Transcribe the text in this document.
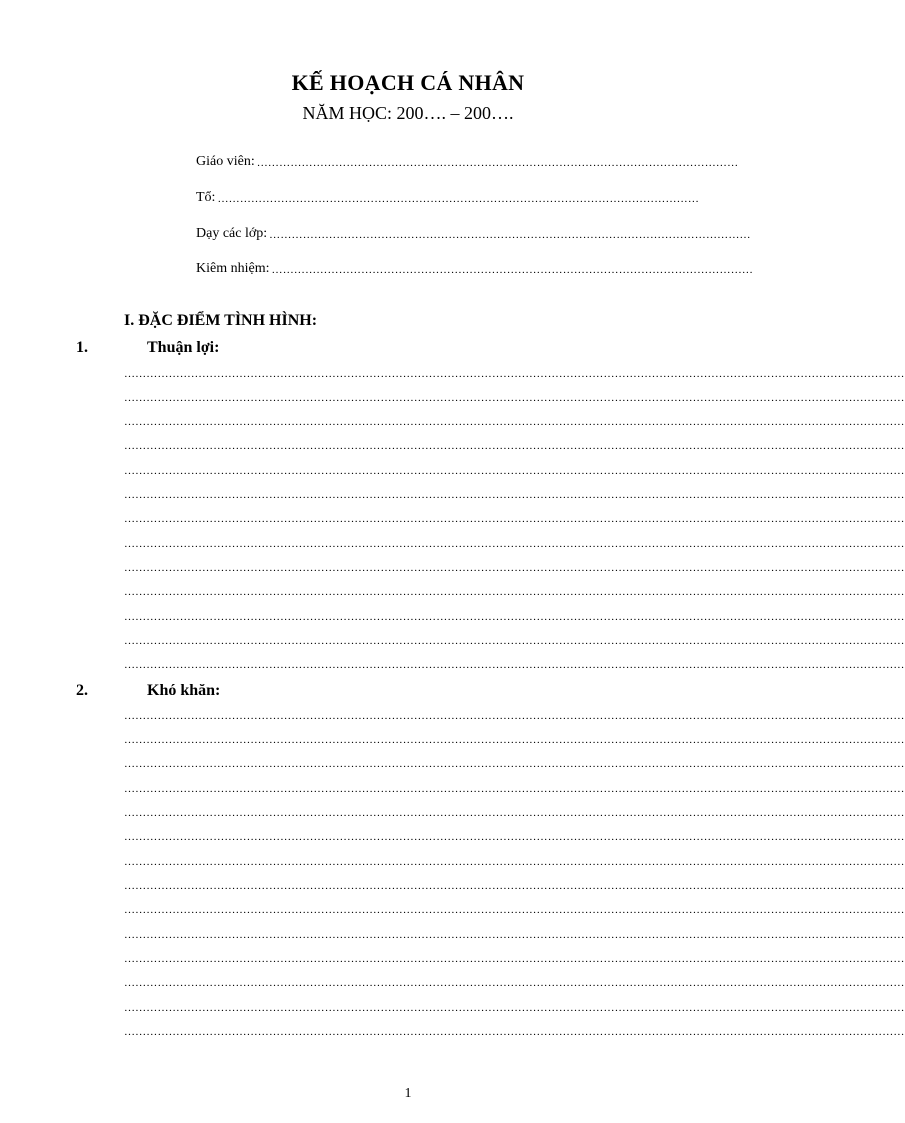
KẾ HOẠCH CÁ NHÂN
NĂM HỌC: 200…. – 200….
Giáo viên: …………………………………………………………………………………………………………………
Tổ: …………………………………………………………………………………………………………………
Dạy các lớp: …………………………………………………………………………………………………………………
Kiêm nhiệm: …………………………………………………………………………………………………………………
I. ĐẶC ĐIỂM TÌNH HÌNH:
1.	Thuận lợi:
…………………………………………………………………………………………………………………………………………………………………………………………
…………………………………………………………………………………………………………………………………………………………………………………………
…………………………………………………………………………………………………………………………………………………………………………………………
…………………………………………………………………………………………………………………………………………………………………………………………
…………………………………………………………………………………………………………………………………………………………………………………………
…………………………………………………………………………………………………………………………………………………………………………………………
…………………………………………………………………………………………………………………………………………………………………………………………
…………………………………………………………………………………………………………………………………………………………………………………………
…………………………………………………………………………………………………………………………………………………………………………………………
…………………………………………………………………………………………………………………………………………………………………………………………
…………………………………………………………………………………………………………………………………………………………………………………………
…………………………………………………………………………………………………………………………………………………………………………………………
…………………………………………………………………………………………………………………………………………………………………………………………
2.	Khó khăn:
…………………………………………………………………………………………………………………………………………………………………………………………
…………………………………………………………………………………………………………………………………………………………………………………………
…………………………………………………………………………………………………………………………………………………………………………………………
…………………………………………………………………………………………………………………………………………………………………………………………
…………………………………………………………………………………………………………………………………………………………………………………………
…………………………………………………………………………………………………………………………………………………………………………………………
…………………………………………………………………………………………………………………………………………………………………………………………
…………………………………………………………………………………………………………………………………………………………………………………………
…………………………………………………………………………………………………………………………………………………………………………………………
…………………………………………………………………………………………………………………………………………………………………………………………
…………………………………………………………………………………………………………………………………………………………………………………………
…………………………………………………………………………………………………………………………………………………………………………………………
…………………………………………………………………………………………………………………………………………………………………………………………
…………………………………………………………………………………………………………………………………………………………………………………………
1
